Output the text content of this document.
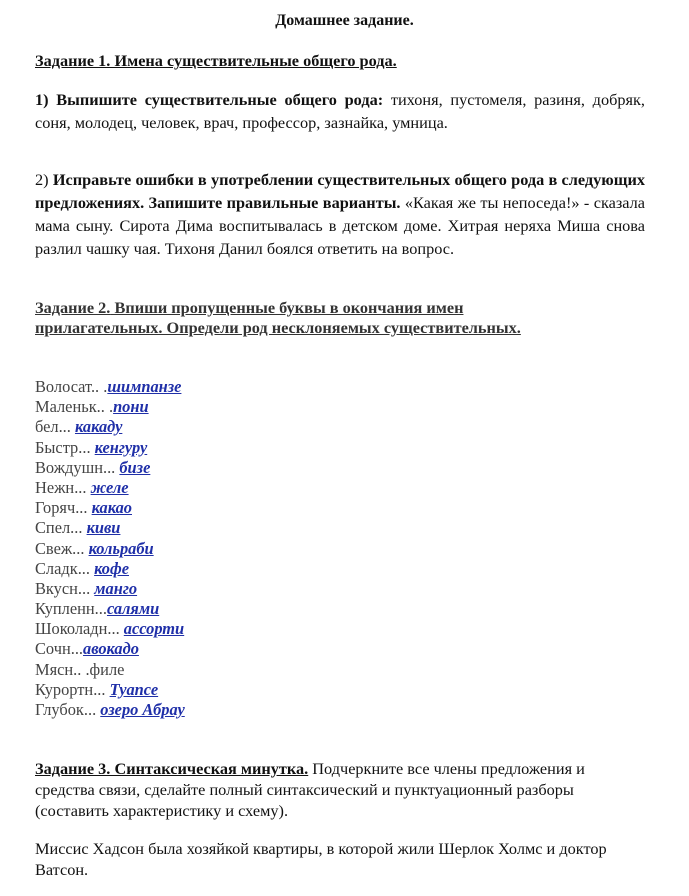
Домашнее задание.
Задание 1. Имена существительные общего рода.
1) Выпишите существительные общего рода: тихоня, пустомеля, разиня, добряк, соня, молодец, человек, врач, профессор, зазнайка, умница.
2) Исправьте ошибки в употреблении существительных общего рода в следующих предложениях. Запишите правильные варианты. «Какая же ты непоседа!» - сказала мама сыну. Сирота Дима воспитывалась в детском доме. Хитрая неряха Миша снова разлил чашку чая. Тихоня Данил боялся ответить на вопрос.
Задание 2. Впиши пропущенные буквы в окончания имен
прилагательных. Определи род несклоняемых существительных.
Волосат.. .шимпанзе
Маленьк.. .пони
бел... какаду
Быстр... кенгуру
Вождушн... бизе
Нежн... желе
Горяч... какао
Спел... киви
Свеж... кольраби
Сладк... кофе
Вкусн... манго
Купленн...салями
Шоколадн... ассорти
Сочн...авокадо
Мясн.. .филе
Курортн... Туапсе
Глубок... озеро Абрау
Задание 3. Синтаксическая минутка. Подчеркните все члены предложения и средства связи, сделайте полный синтаксический и пунктуационный разборы (составить характеристику и схему).
Миссис Хадсон была хозяйкой квартиры, в которой жили Шерлок Холмс и доктор Ватсон.
